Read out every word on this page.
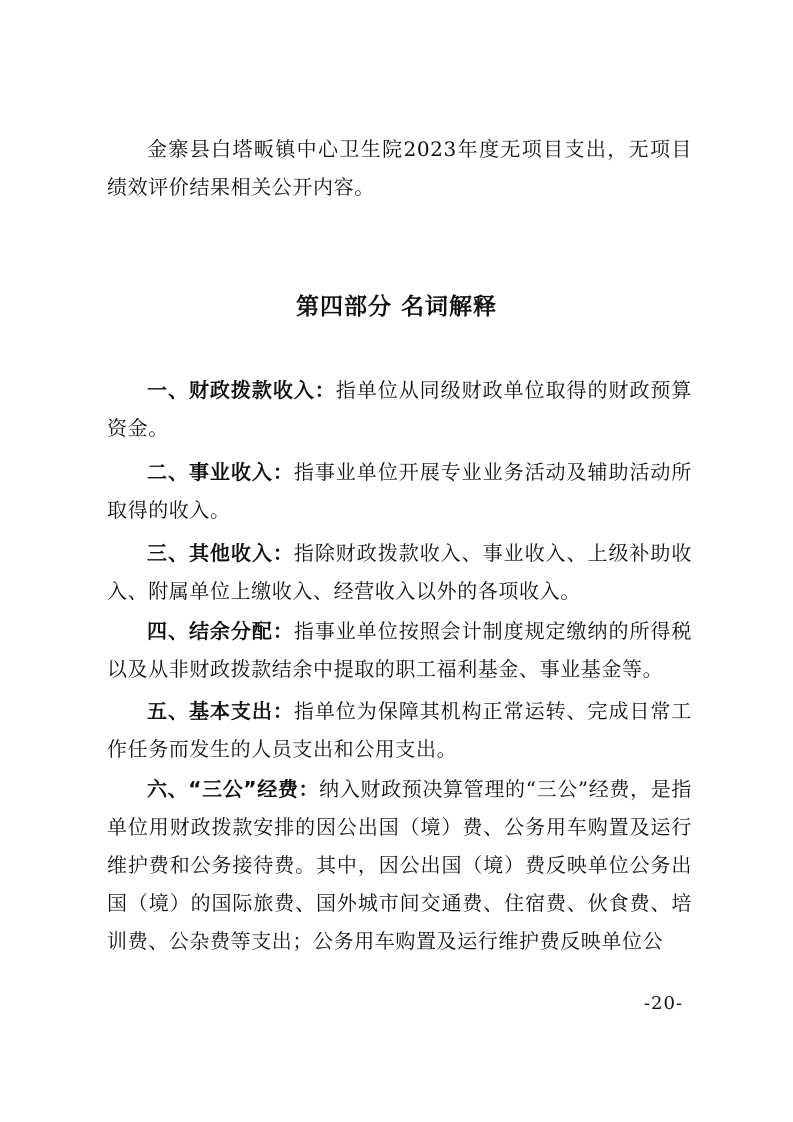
金寨县白塔畈镇中心卫生院2023年度无项目支出，无项目绩效评价结果相关公开内容。

第四部分 名词解释

一、财政拨款收入：指单位从同级财政单位取得的财政预算资金。

二、事业收入：指事业单位开展专业业务活动及辅助活动所取得的收入。

三、其他收入：指除财政拨款收入、事业收入、上级补助收入、附属单位上缴收入、经营收入以外的各项收入。

四、结余分配：指事业单位按照会计制度规定缴纳的所得税以及从非财政拨款结余中提取的职工福利基金、事业基金等。

五、基本支出：指单位为保障其机构正常运转、完成日常工作任务而发生的人员支出和公用支出。

六、“三公”经费：纳入财政预决算管理的“三公”经费，是指单位用财政拨款安排的因公出国（境）费、公务用车购置及运行维护费和公务接待费。其中，因公出国（境）费反映单位公务出国（境）的国际旅费、国外城市间交通费、住宿费、伙食费、培训费、公杂费等支出；公务用车购置及运行维护费反映单位公

-20-
